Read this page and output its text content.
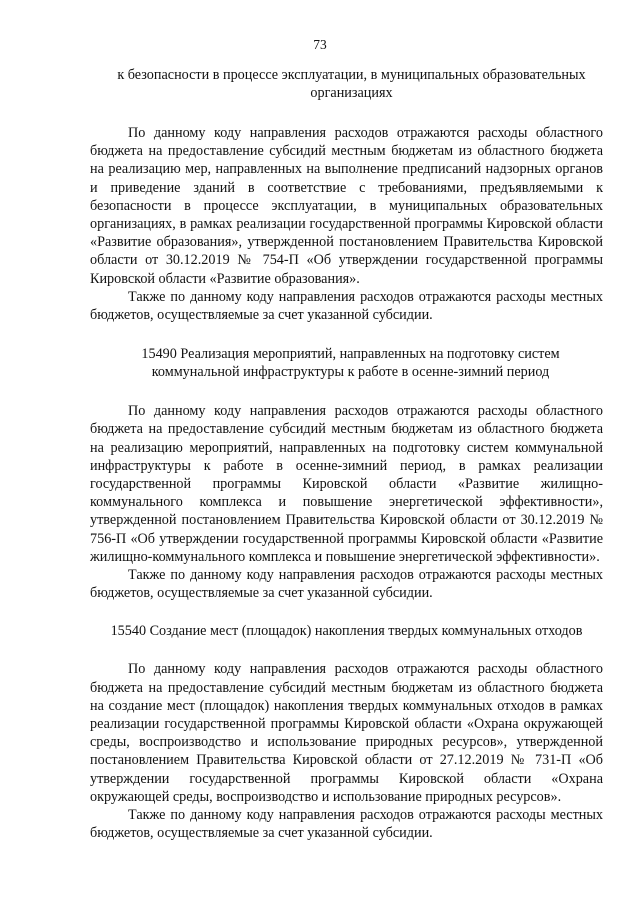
73

к безопасности в процессе эксплуатации, в муниципальных образовательных организациях

По данному коду направления расходов отражаются расходы областного бюджета на предоставление субсидий местным бюджетам из областного бюджета на реализацию мер, направленных на выполнение предписаний надзорных органов и приведение зданий в соответствие с требованиями, предъявляемыми к безопасности в процессе эксплуатации, в муниципальных образовательных организациях, в рамках реализации государственной программы Кировской области «Развитие образования», утвержденной постановлением Правительства Кировской области от 30.12.2019 № 754-П «Об утверждении государственной программы Кировской области «Развитие образования».

Также по данному коду направления расходов отражаются расходы местных бюджетов, осуществляемые за счет указанной субсидии.

15490 Реализация мероприятий, направленных на подготовку систем коммунальной инфраструктуры к работе в осенне-зимний период

По данному коду направления расходов отражаются расходы областного бюджета на предоставление субсидий местным бюджетам из областного бюджета на реализацию мероприятий, направленных на подготовку систем коммунальной инфраструктуры к работе в осенне-зимний период, в рамках реализации государственной программы Кировской области «Развитие жилищно-коммунального комплекса и повышение энергетической эффективности», утвержденной постановлением Правительства Кировской области от 30.12.2019 № 756-П «Об утверждении государственной программы Кировской области «Развитие жилищно-коммунального комплекса и повышение энергетической эффективности».

Также по данному коду направления расходов отражаются расходы местных бюджетов, осуществляемые за счет указанной субсидии.

15540 Создание мест (площадок) накопления твердых коммунальных отходов

По данному коду направления расходов отражаются расходы областного бюджета на предоставление субсидий местным бюджетам из областного бюджета на создание мест (площадок) накопления твердых коммунальных отходов в рамках реализации государственной программы Кировской области «Охрана окружающей среды, воспроизводство и использование природных ресурсов», утвержденной постановлением Правительства Кировской области от 27.12.2019 № 731-П «Об утверждении государственной программы Кировской области «Охрана окружающей среды, воспроизводство и использование природных ресурсов».

Также по данному коду направления расходов отражаются расходы местных бюджетов, осуществляемые за счет указанной субсидии.
